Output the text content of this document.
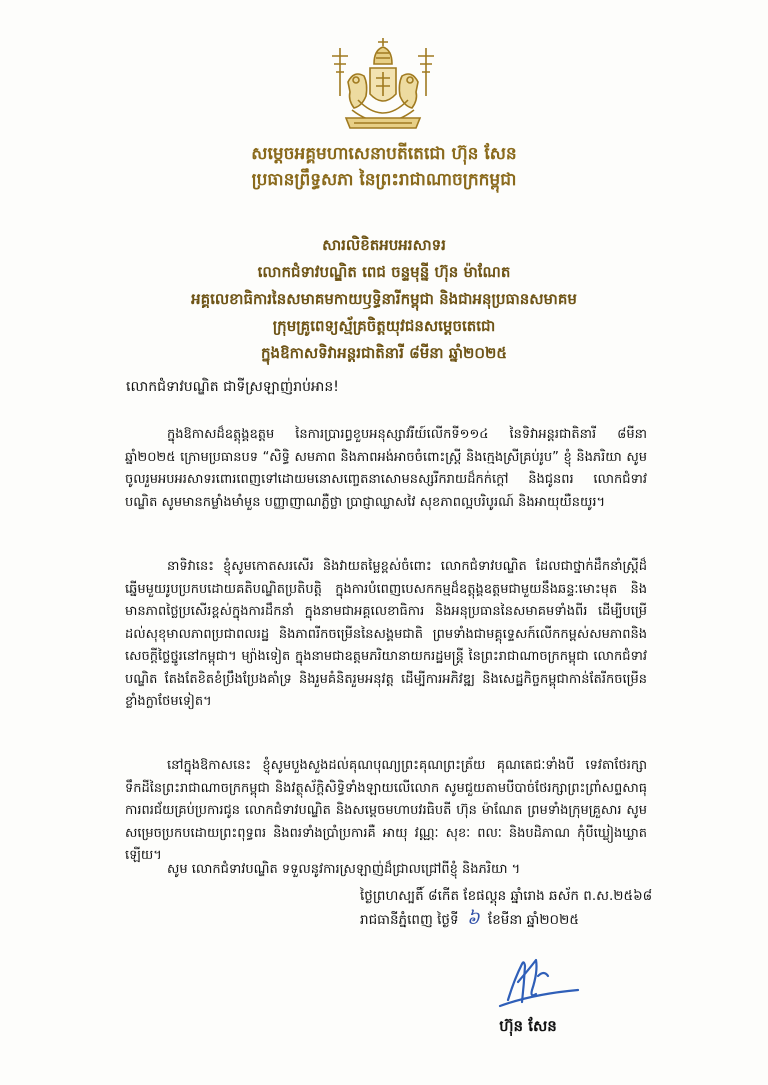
សម្តេចអគ្គមហាសេនាបតីតេជោ ហ៊ុន សែន
ប្រធានព្រឹទ្ធសភា នៃព្រះរាជាណាចក្រកម្ពុជា
សារលិខិតអបអរសាទរ
លោកជំទាវបណ្ឌិត ពេជ ចន្ទមុន្នី ហ៊ុន ម៉ាណែត
អគ្គលេខាធិការនៃសមាគមកាយឫទ្ធិនារីកម្ពុជា និងជាអនុប្រធានសមាគម
ក្រុមគ្រូពេទ្យស្ម័គ្រចិត្តយុវជនសម្តេចតេជោ
ក្នុងឱកាសទិវាអន្តរជាតិនារី ៨មីនា ឆ្នាំ២០២៥
លោកជំទាវបណ្ឌិត ជាទីស្រឡាញ់រាប់អាន!

ក្នុងឱកាសដ៏ឧត្តុង្គឧត្តម នៃការប្រារព្ធខួបអនុស្សាវរីយ៍លើកទី១១៤ នៃទិវាអន្តរជាតិនារី ៨មីនា ឆ្នាំ២០២៥ ក្រោមប្រធានបទ “សិទ្ធិ សមភាព និងភាពអង់អាចចំពោះស្ត្រី និងក្មេងស្រីគ្រប់រូប” ខ្ញុំ និងភរិយា សូមចូលរួមអបអរសាទរពោរពេញទៅដោយមនោសញ្ចេតនាសោមនស្សរីករាយដ៏កក់ក្តៅ និងជូនពរ លោកជំទាវបណ្ឌិត សូមមានកម្លាំងមាំមួន បញ្ញាញាណភ្លឺថ្លា ប្រាជ្ញាឈ្លាសវៃ សុខភាពល្អបរិបូរណ៍ និងអាយុយឺនយូរ។

នាទិវានេះ ខ្ញុំសូមកោតសរសើរ និងវាយតម្លៃខ្ពស់ចំពោះ លោកជំទាវបណ្ឌិត ដែលជាថ្នាក់ដឹកនាំស្ត្រីដ៏ឆ្នើមមួយរូបប្រកបដោយគតិបណ្ឌិតប្រតិបត្តិ ក្នុងការបំពេញបេសកកម្មដ៏ឧត្តុង្គឧត្តមជាមួយនឹងឆន្ទៈមោះមុត និងមានភាពថ្លៃប្រសើរខ្ពស់ក្នុងការដឹកនាំ ក្នុងនាមជាអគ្គលេខាធិការ និងអនុប្រធាននៃសមាគមទាំងពីរ ដើម្បីបម្រើដល់សុខុមាលភាពប្រជាពលរដ្ឋ និងភាពរីកចម្រើននៃសង្គមជាតិ ព្រមទាំងជាមគ្គុទ្ទេសក៍លើកកម្ពស់សមភាពនិងសេចក្តីថ្លៃថ្នូរនៅកម្ពុជា។ ម្យ៉ាងទៀត ក្នុងនាមជាឧត្តមភរិយានាយករដ្ឋមន្ត្រី នៃព្រះរាជាណាចក្រកម្ពុជា លោកជំទាវបណ្ឌិត តែងតែខិតខំប្រឹងប្រែងគាំទ្រ និងរួមគំនិតរួមអនុវត្ត ដើម្បីការអភិវឌ្ឍ និងសេដ្ឋកិច្ចកម្ពុជាកាន់តែរីកចម្រើនខ្លាំងក្លាថែមទៀត។

នៅក្នុងឱកាសនេះ ខ្ញុំសូមបួងសួងដល់គុណបុណ្យព្រះគុណព្រះត្រ័យ គុណតេជៈទាំងបី ទេវតាថែរក្សាទឹកដីនៃព្រះរាជាណាចក្រកម្ពុជា និងវត្ថុស័ក្តិសិទ្ធិទាំងឡាយលើលោក សូមជួយតាមបីបាច់ថែរក្សាព្រះព្រាំសព្ទសាធុការពរជ័យគ្រប់ប្រការជូន លោកជំទាវបណ្ឌិត និងសម្តេចមហាបវរធិបតី ហ៊ុន ម៉ាណែត ព្រមទាំងក្រុមគ្រួសារ សូមសម្រេចប្រកបដោយព្រះពុទ្ធពរ និងពរទាំងប្រាំប្រការគឺ អាយុ វណ្ណៈ សុខៈ ពលៈ និងបដិភាណ កុំបីឃ្លៀងឃ្លាតឡើយ។

សូម លោកជំទាវបណ្ឌិត ទទួលនូវការស្រឡាញ់ដ៏ជ្រាលជ្រៅពីខ្ញុំ និងភរិយា ។

ថ្ងៃព្រហស្បតិ៍ ៨កើត ខែផល្គុន ឆ្នាំរោង ឆស័ក ព.ស.២៥៦៨
រាជធានីភ្នំពេញ ថ្ងៃទី ៦ ខែមីនា ឆ្នាំ២០២៥
ហ៊ុន សែន
